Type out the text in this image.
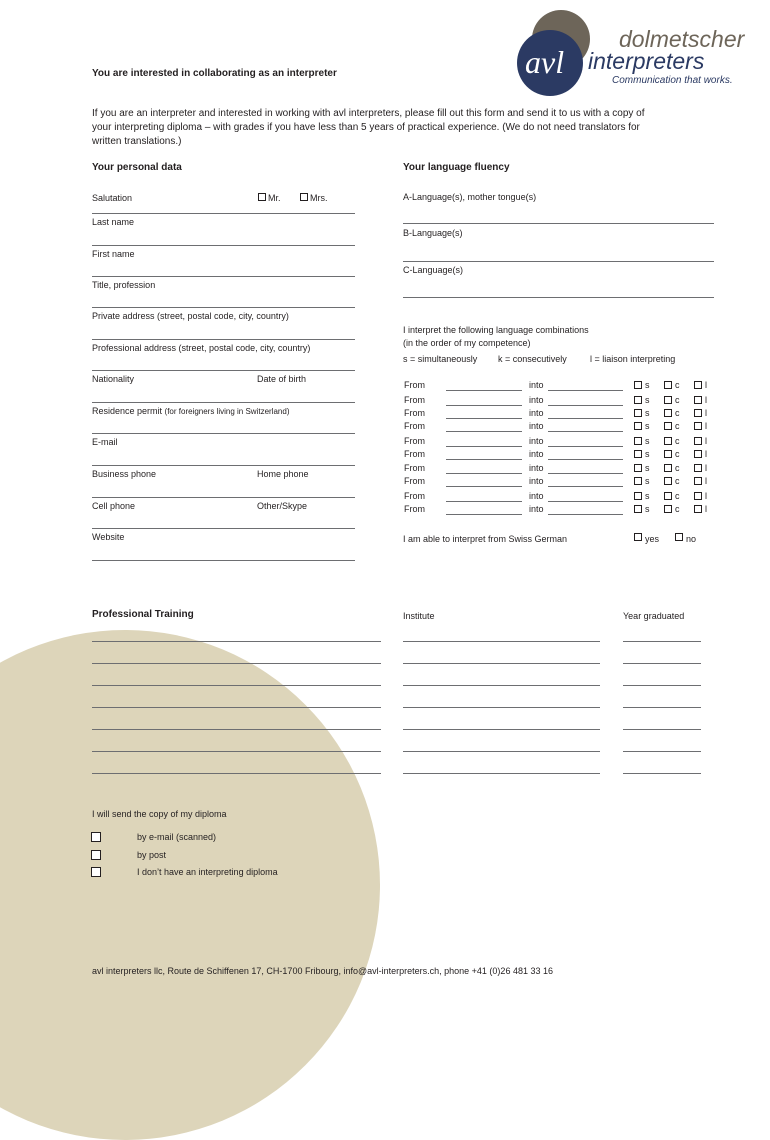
avl
dolmetscher
interpreters
Communication that works.
You are interested in collaborating as an interpreter
If you are an interpreter and interested in working with avl interpreters, please fill out this form and send it to us with a copy of
your interpreting diploma – with grades if you have less than 5 years of practical experience. (We do not need translators for
written translations.)
Your personal data
Salutation	Mr.	Mrs.
Last name
First name
Title, profession
Private address (street, postal code, city, country)
Professional address (street, postal code, city, country)
Nationality	Date of birth
Residence permit (for foreigners living in Switzerland)
E-mail
Business phone	Home phone
Cell phone	Other/Skype
Website
Your language fluency
A-Language(s), mother tongue(s)
B-Language(s)
C-Language(s)
I interpret the following language combinations
(in the order of my competence)
s = simultaneously k = consecutively	l = liaison interpreting
From	into	s	c	l
From	into	s	c	l
From	into	s	c	l
From	into	s	c	l
From	into	s	c	l
From	into	s	c	l
From	into	s	c	l
From	into	s	c	l
From	into	s	c	l
From	into	s	c	l
I am able to interpret from Swiss German	yes	no
Professional Training	Institute	Year graduated
I will send the copy of my diploma
by e-mail (scanned)
by post
I don’t have an interpreting diploma
avl interpreters llc, Route de Schiffenen 17, CH-1700 Fribourg, info@avl-interpreters.ch, phone +41 (0)26 481 33 16
